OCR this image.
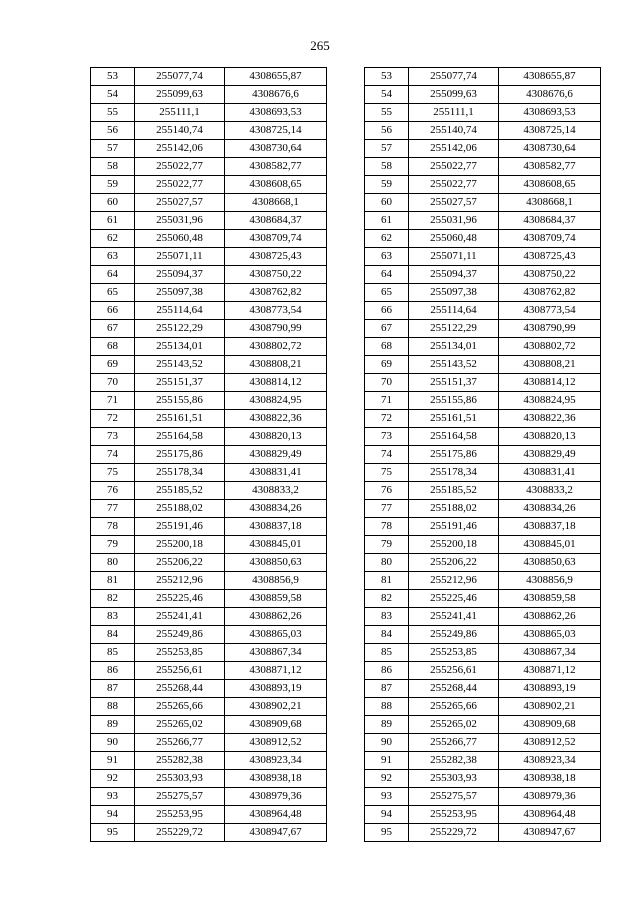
265
53	255077,74	4308655,87
54	255099,63	4308676,6
55	255111,1	4308693,53
56	255140,74	4308725,14
57	255142,06	4308730,64
58	255022,77	4308582,77
59	255022,77	4308608,65
60	255027,57	4308668,1
61	255031,96	4308684,37
62	255060,48	4308709,74
63	255071,11	4308725,43
64	255094,37	4308750,22
65	255097,38	4308762,82
66	255114,64	4308773,54
67	255122,29	4308790,99
68	255134,01	4308802,72
69	255143,52	4308808,21
70	255151,37	4308814,12
71	255155,86	4308824,95
72	255161,51	4308822,36
73	255164,58	4308820,13
74	255175,86	4308829,49
75	255178,34	4308831,41
76	255185,52	4308833,2
77	255188,02	4308834,26
78	255191,46	4308837,18
79	255200,18	4308845,01
80	255206,22	4308850,63
81	255212,96	4308856,9
82	255225,46	4308859,58
83	255241,41	4308862,26
84	255249,86	4308865,03
85	255253,85	4308867,34
86	255256,61	4308871,12
87	255268,44	4308893,19
88	255265,66	4308902,21
89	255265,02	4308909,68
90	255266,77	4308912,52
91	255282,38	4308923,34
92	255303,93	4308938,18
93	255275,57	4308979,36
94	255253,95	4308964,48
95	255229,72	4308947,67
53	255077,74	4308655,87
54	255099,63	4308676,6
55	255111,1	4308693,53
56	255140,74	4308725,14
57	255142,06	4308730,64
58	255022,77	4308582,77
59	255022,77	4308608,65
60	255027,57	4308668,1
61	255031,96	4308684,37
62	255060,48	4308709,74
63	255071,11	4308725,43
64	255094,37	4308750,22
65	255097,38	4308762,82
66	255114,64	4308773,54
67	255122,29	4308790,99
68	255134,01	4308802,72
69	255143,52	4308808,21
70	255151,37	4308814,12
71	255155,86	4308824,95
72	255161,51	4308822,36
73	255164,58	4308820,13
74	255175,86	4308829,49
75	255178,34	4308831,41
76	255185,52	4308833,2
77	255188,02	4308834,26
78	255191,46	4308837,18
79	255200,18	4308845,01
80	255206,22	4308850,63
81	255212,96	4308856,9
82	255225,46	4308859,58
83	255241,41	4308862,26
84	255249,86	4308865,03
85	255253,85	4308867,34
86	255256,61	4308871,12
87	255268,44	4308893,19
88	255265,66	4308902,21
89	255265,02	4308909,68
90	255266,77	4308912,52
91	255282,38	4308923,34
92	255303,93	4308938,18
93	255275,57	4308979,36
94	255253,95	4308964,48
95	255229,72	4308947,67
